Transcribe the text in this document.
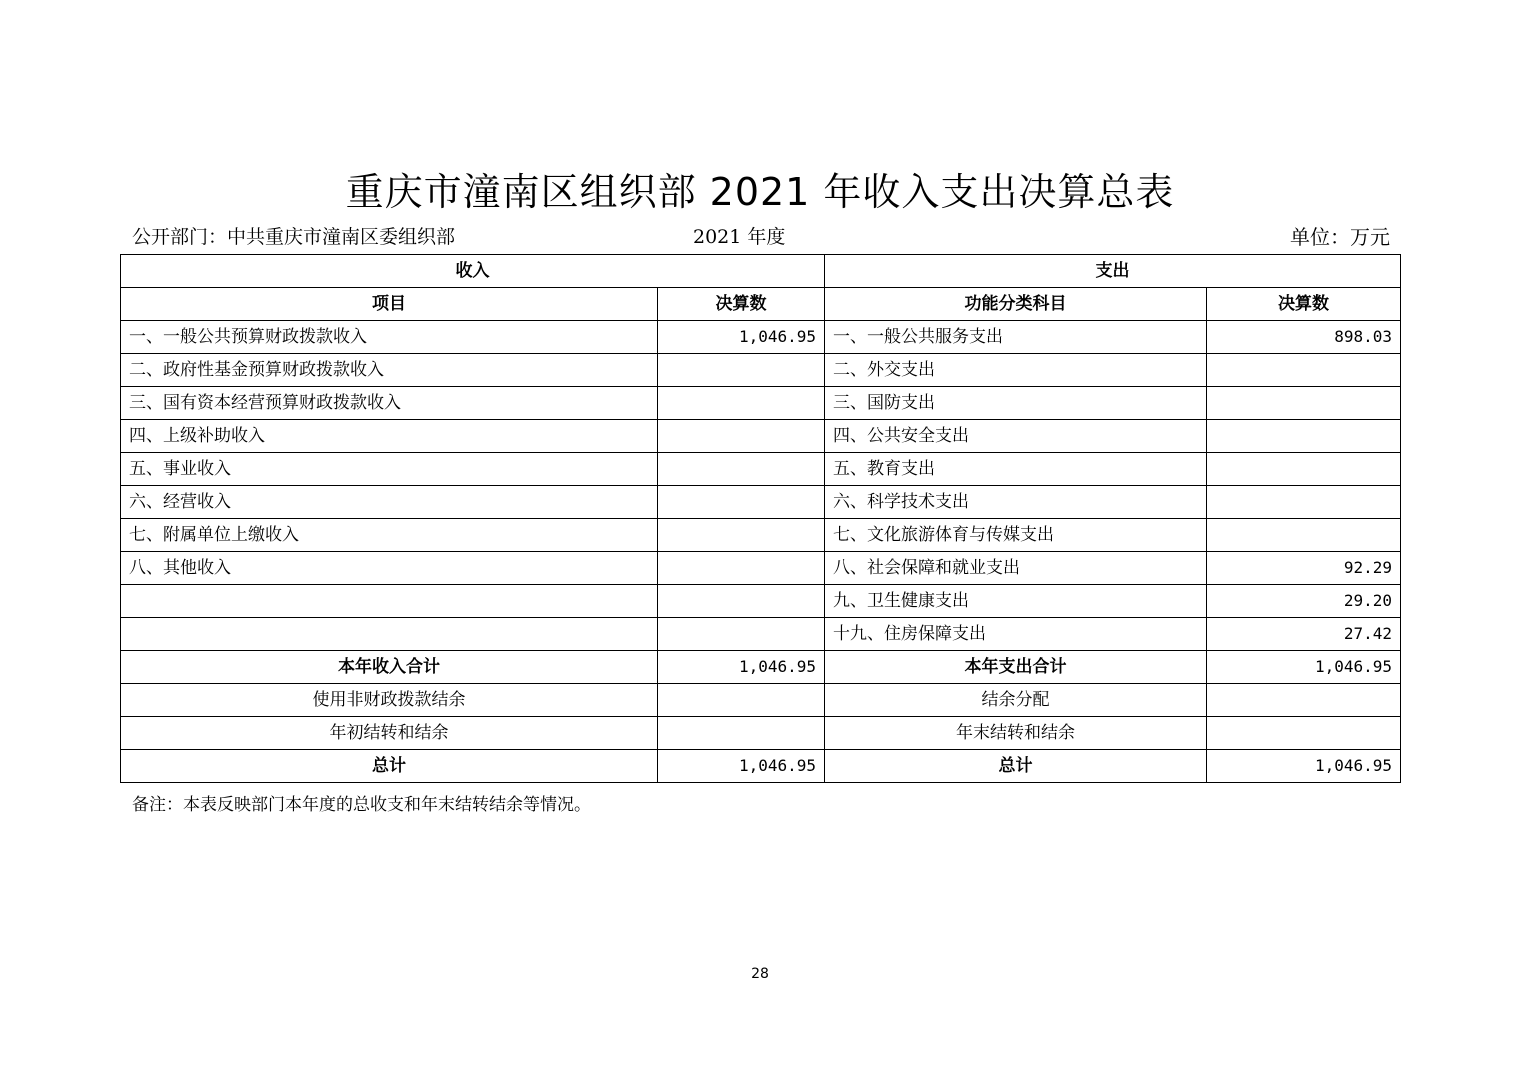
重庆市潼南区组织部 2021 年收入支出决算总表
公开部门：中共重庆市潼南区委组织部	2021 年度	单位：万元
收入		支出	
项目	决算数	功能分类科目	决算数
一、一般公共预算财政拨款收入	1,046.95	一、一般公共服务支出	898.03
二、政府性基金预算财政拨款收入		二、外交支出	
三、国有资本经营预算财政拨款收入		三、国防支出	
四、上级补助收入		四、公共安全支出	
五、事业收入		五、教育支出	
六、经营收入		六、科学技术支出	
七、附属单位上缴收入		七、文化旅游体育与传媒支出	
八、其他收入		八、社会保障和就业支出	92.29
		九、卫生健康支出	29.20
		十九、住房保障支出	27.42
本年收入合计	1,046.95	本年支出合计	1,046.95
使用非财政拨款结余		结余分配	
年初结转和结余		年末结转和结余	
总计	1,046.95	总计	1,046.95
备注：本表反映部门本年度的总收支和年末结转结余等情况。
28
